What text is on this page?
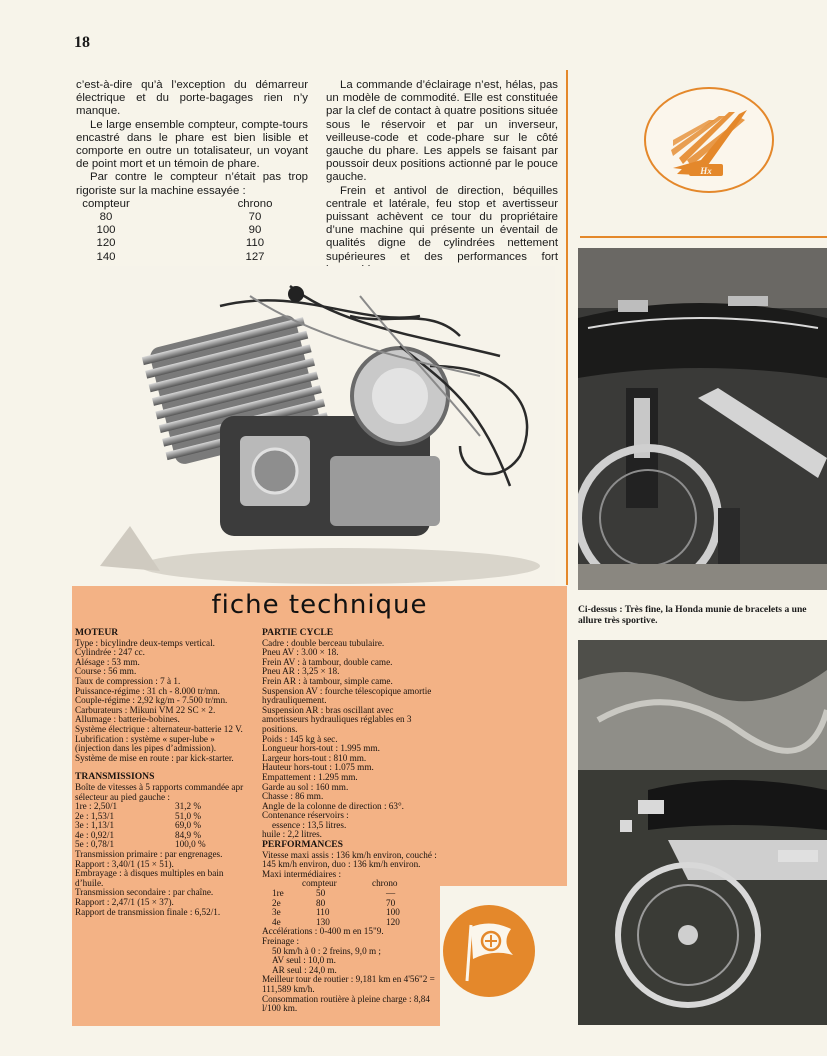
18

c’est-à-dire qu’à l’exception du démarreur électrique et du porte-bagages rien n’y manque.

Le large ensemble compteur, compte-tours encastré dans le phare est bien lisible et comporte en outre un totalisateur, un voyant de point mort et un témoin de phare.

Par contre le compteur n’était pas trop rigoriste sur la machine essayée :

compteur	chrono
80	70
100	90
120	110
140	127

La commande d’éclairage n’est, hélas, pas un modèle de commodité. Elle est constituée par la clef de contact à quatre positions située sous le réservoir et par un inverseur, veilleuse-code et code-phare sur le côté gauche du phare. Les appels se faisant par poussoir deux positions actionné par le pouce gauche.

Frein et antivol de direction, béquilles centrale et latérale, feu stop et avertisseur puissant achèvent ce tour du propriétaire d’une machine qui présente un éventail de qualités digne de cylindrées nettement supérieures et des performances fort

Hx
Ci-dessus : Très fine, la Honda munie de bracelets a une allure très sportive.
fiche technique

MOTEUR

Type : bicylindre deux-temps vertical.

Cylindrée : 247 cc.

Alésage : 53 mm.

Course : 56 mm.

Taux de compression : 7 à 1.

Puissance-régime : 31 ch - 8.000 tr/mn.

Couple-régime : 2,92 kg/m - 7.500 tr/mn.

Carburateurs : Mikuni VM 22 SC × 2.

Allumage : batterie-bobines.

Système électrique : alternateur-batterie 12 V.

Lubrification : système « super-lube » (injection dans les pipes d’admission).

Système de mise en route : par kick-starter.

TRANSMISSIONS

Boîte de vitesses à 5 rapports commandée apr sélecteur au pied gauche :

1re : 2,50/1	31,2 %
2e : 1,53/1	51,0 %
3e : 1,13/1	69,0 %
4e : 0,92/1	84,9 %
5e : 0,78/1	100,0 %

Transmission primaire : par engrenages.

Rapport : 3,40/1 (15 × 51).

Embrayage : à disques multiples en bain d’huile.

Transmission secondaire : par chaîne.

Rapport : 2,47/1 (15 × 37).

Rapport de transmission finale : 6,52/1.

PARTIE CYCLE

Cadre : double berceau tubulaire.

Pneu AV : 3.00 × 18.

Frein AV : à tambour, double came.

Pneu AR : 3,25 × 18.

Frein AR : à tambour, simple came.

Suspension AV : fourche télescopique amortie hydrauliquement.

Suspension AR : bras oscillant avec amortisseurs hydrauliques réglables en 3 positions.

Poids : 145 kg à sec.

Longueur hors-tout : 1.995 mm.

Largeur hors-tout : 810 mm.

Hauteur hors-tout : 1.075 mm.

Empattement : 1.295 mm.

Garde au sol : 160 mm.

Chasse : 86 mm.

Angle de la colonne de direction : 63°.

Contenance réservoirs :

essence : 13,5 litres.

huile : 2,2 litres.

PERFORMANCES

Vitesse maxi assis : 136 km/h environ, couché : 145 km/h environ, duo : 136 km/h environ.

Maxi intermédiaires :

compteur	chrono
1re	50	—
2e	80	70
3e	110	100
4e	130	120

Accélérations : 0-400 m en 15"9.

Freinage :

50 km/h à 0 : 2 freins, 9,0 m ;

AV seul : 10,0 m.

AR seul : 24,0 m.

Meilleur tour de routier : 9,181 km en 4'56"2 = 111,589 km/h.

Consommation routière à pleine charge : 8,84 l/100 km.
